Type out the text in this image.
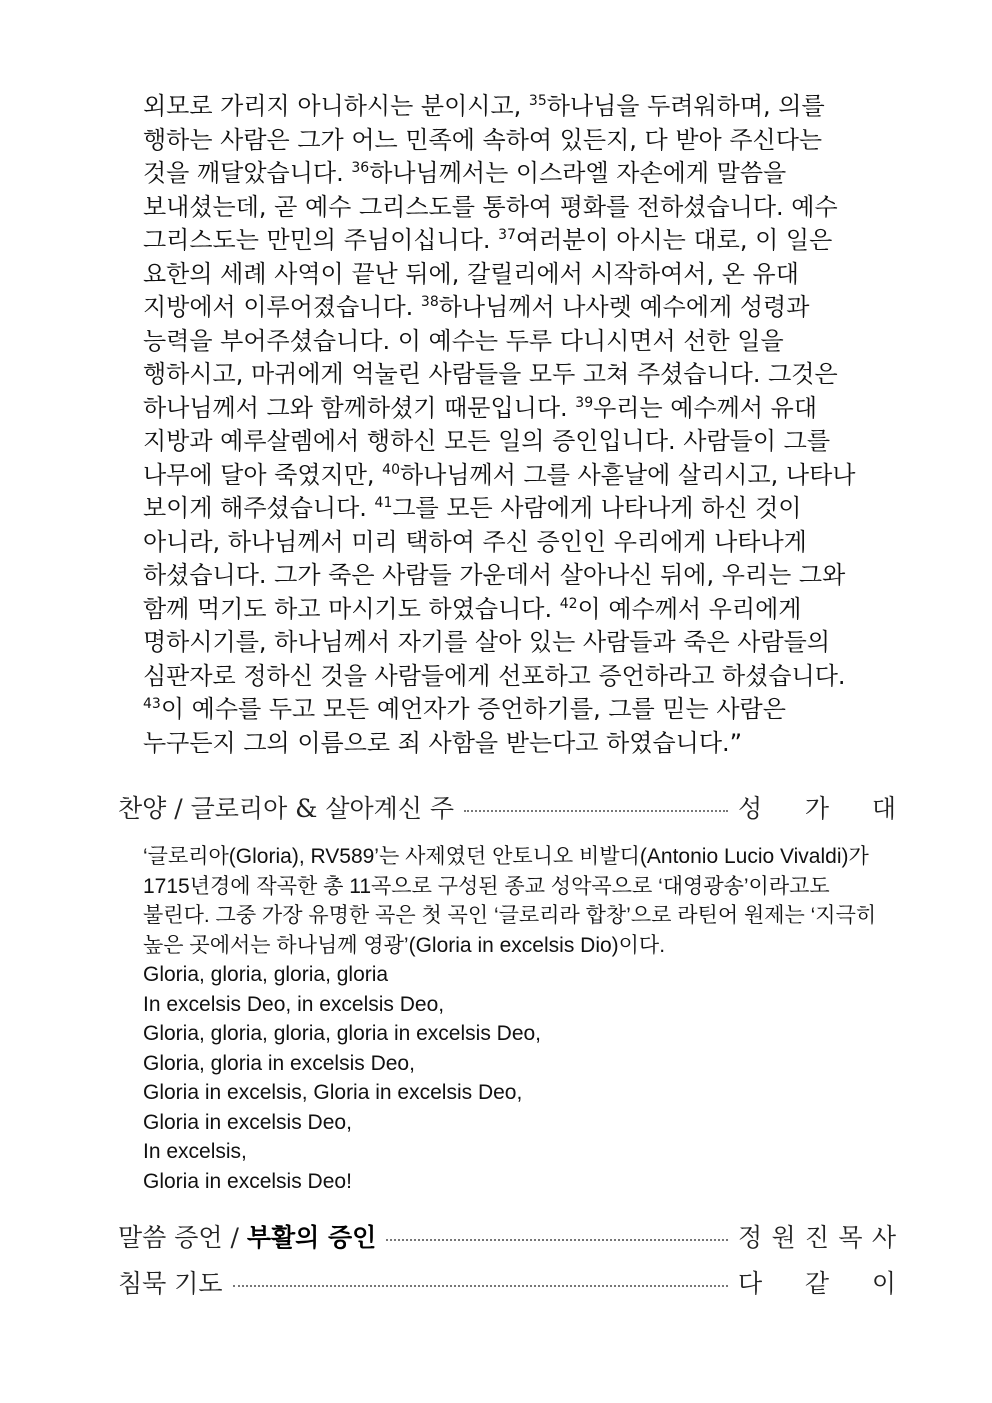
외모로 가리지 아니하시는 분이시고, $^{35}$하나님을 두려워하며, 의를
행하는 사람은 그가 어느 민족에 속하여 있든지, 다 받아 주신다는
것을 깨달았습니다. $^{36}$하나님께서는 이스라엘 자손에게 말씀을
보내셨는데, 곧 예수 그리스도를 통하여 평화를 전하셨습니다. 예수
그리스도는 만민의 주님이십니다. $^{37}$여러분이 아시는 대로, 이 일은
요한의 세례 사역이 끝난 뒤에, 갈릴리에서 시작하여서, 온 유대
지방에서 이루어졌습니다. $^{38}$하나님께서 나사렛 예수에게 성령과
능력을 부어주셨습니다. 이 예수는 두루 다니시면서 선한 일을
행하시고, 마귀에게 억눌린 사람들을 모두 고쳐 주셨습니다. 그것은
하나님께서 그와 함께하셨기 때문입니다. $^{39}$우리는 예수께서 유대
지방과 예루살렘에서 행하신 모든 일의 증인입니다. 사람들이 그를
나무에 달아 죽였지만, $^{40}$하나님께서 그를 사흗날에 살리시고, 나타나
보이게 해주셨습니다. $^{41}$그를 모든 사람에게 나타나게 하신 것이
아니라, 하나님께서 미리 택하여 주신 증인인 우리에게 나타나게
하셨습니다. 그가 죽은 사람들 가운데서 살아나신 뒤에, 우리는 그와
함께 먹기도 하고 마시기도 하였습니다. $^{42}$이 예수께서 우리에게
명하시기를, 하나님께서 자기를 살아 있는 사람들과 죽은 사람들의
심판자로 정하신 것을 사람들에게 선포하고 증언하라고 하셨습니다.
$^{43}$이 예수를 두고 모든 예언자가 증언하기를, 그를 믿는 사람은
누구든지 그의 이름으로 죄 사함을 받는다고 하였습니다.”
찬양 / 글로리아 & 살아계신 주	성 가 대
‘글로리아(Gloria), RV589’는 사제였던 안토니오 비발디(Antonio Lucio Vivaldi)가
1715년경에 작곡한 총 11곡으로 구성된 종교 성악곡으로 ‘대영광송’이라고도
불린다. 그중 가장 유명한 곡은 첫 곡인 ‘글로리라 합창’으로 라틴어 원제는 ‘지극히
높은 곳에서는 하나님께 영광’(Gloria in excelsis Dio)이다.
Gloria, gloria, gloria, gloria
In excelsis Deo, in excelsis Deo,
Gloria, gloria, gloria, gloria in excelsis Deo,
Gloria, gloria in excelsis Deo,
Gloria in excelsis, Gloria in excelsis Deo,
Gloria in excelsis Deo,
In excelsis,
Gloria in excelsis Deo!
말씀 증언 / 부활의 증인	정 원 진 목 사
침묵 기도	다 같 이
